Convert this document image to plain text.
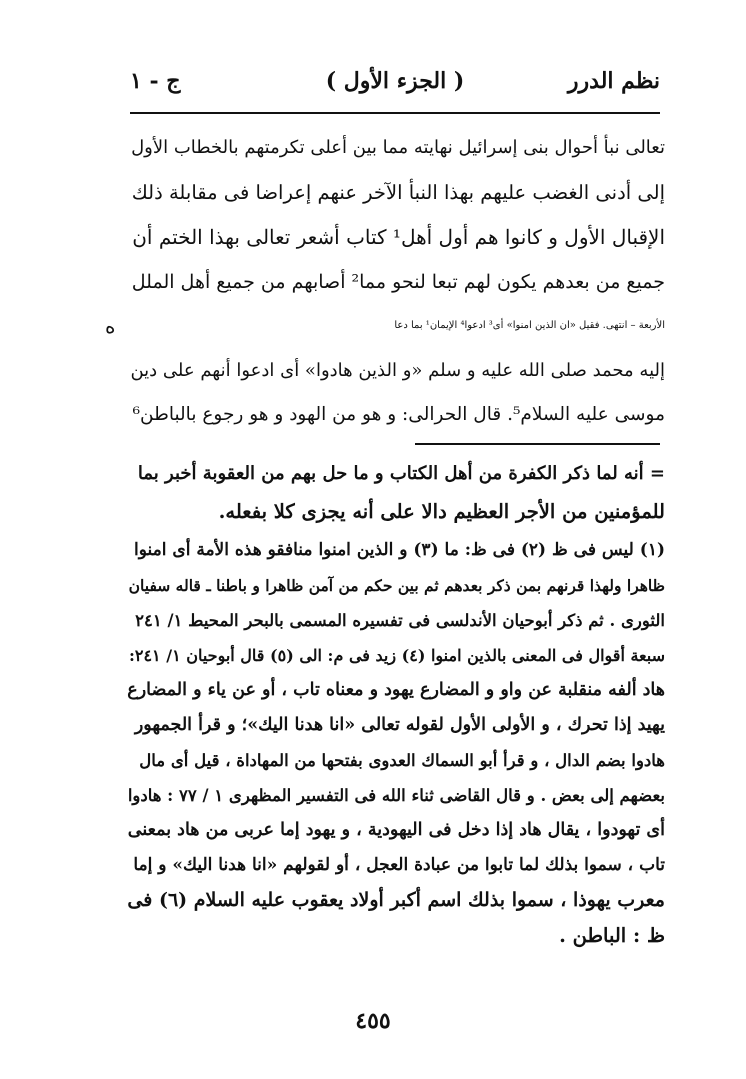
نظم الدرر
( الجزء الأول )
ج - ١

تعالى نبأ أحوال بنى إسرائيل نهايته مما بين أعلى تكرمتهم بالخطاب الأول

إلى أدنى الغضب عليهم بهذا النبأ الآخر عنهم إعراضا فى مقابلة ذلك

الإقبال الأول و كانوا هم أول أهل¹ كتاب أشعر تعالى بهذا الختم أن

جميع من بعدهم يكون لهم تبعا لنحو مما² أصابهم من جميع أهل الملل

الأربعة – انتهى. فقيل «ان الذين امنوا» أى³ ادعوا⁴ الإيمان¹ بما دعا
ه

إليه محمد صلى الله عليه و سلم «و الذين هادوا» أى ادعوا أنهم على دين

موسى عليه السلام⁵. قال الحرالى: و هو من الهود و هو رجوع بالباطن⁶

= أنه لما ذكر الكفرة من أهل الكتاب و ما حل بهم من العقوبة أخبر بما

للمؤمنين من الأجر العظيم دالا على أنه يجزى كلا بفعله.

(١) ليس فى ظ (٢) فى ظ: ما (٣) و الذين امنوا منافقو هذه الأمة أى امنوا

ظاهرا ولهذا قرنهم بمن ذكر بعدهم ثم بين حكم من آمن ظاهرا و باطنا ـ قاله سفيان

الثورى . ثم ذكر أبوحيان الأندلسى فى تفسيره المسمى بالبحر المحيط ١/ ٢٤١

سبعة أقوال فى المعنى بالذين امنوا (٤) زيد فى م: الى (٥) قال أبوحيان ١/ ٢٤١:

هاد ألفه منقلبة عن واو و المضارع يهود و معناه تاب ، أو عن ياء و المضارع

يهيد إذا تحرك ، و الأولى الأول لقوله تعالى «انا هدنا اليك»؛ و قرأ الجمهور

هادوا بضم الدال ، و قرأ أبو السماك العدوى بفتحها من المهاداة ، قيل أى مال

بعضهم إلى بعض . و قال القاضى ثناء الله فى التفسير المظهرى ١ / ٧٧ : هادوا

أى تهودوا ، يقال هاد إذا دخل فى اليهودية ، و يهود إما عربى من هاد بمعنى

تاب ، سموا بذلك لما تابوا من عبادة العجل ، أو لقولهم «انا هدنا اليك» و إما

معرب يهوذا ، سموا بذلك اسم أكبر أولاد يعقوب عليه السلام (٦) فى

ظ : الباطن .

٤٥٥
